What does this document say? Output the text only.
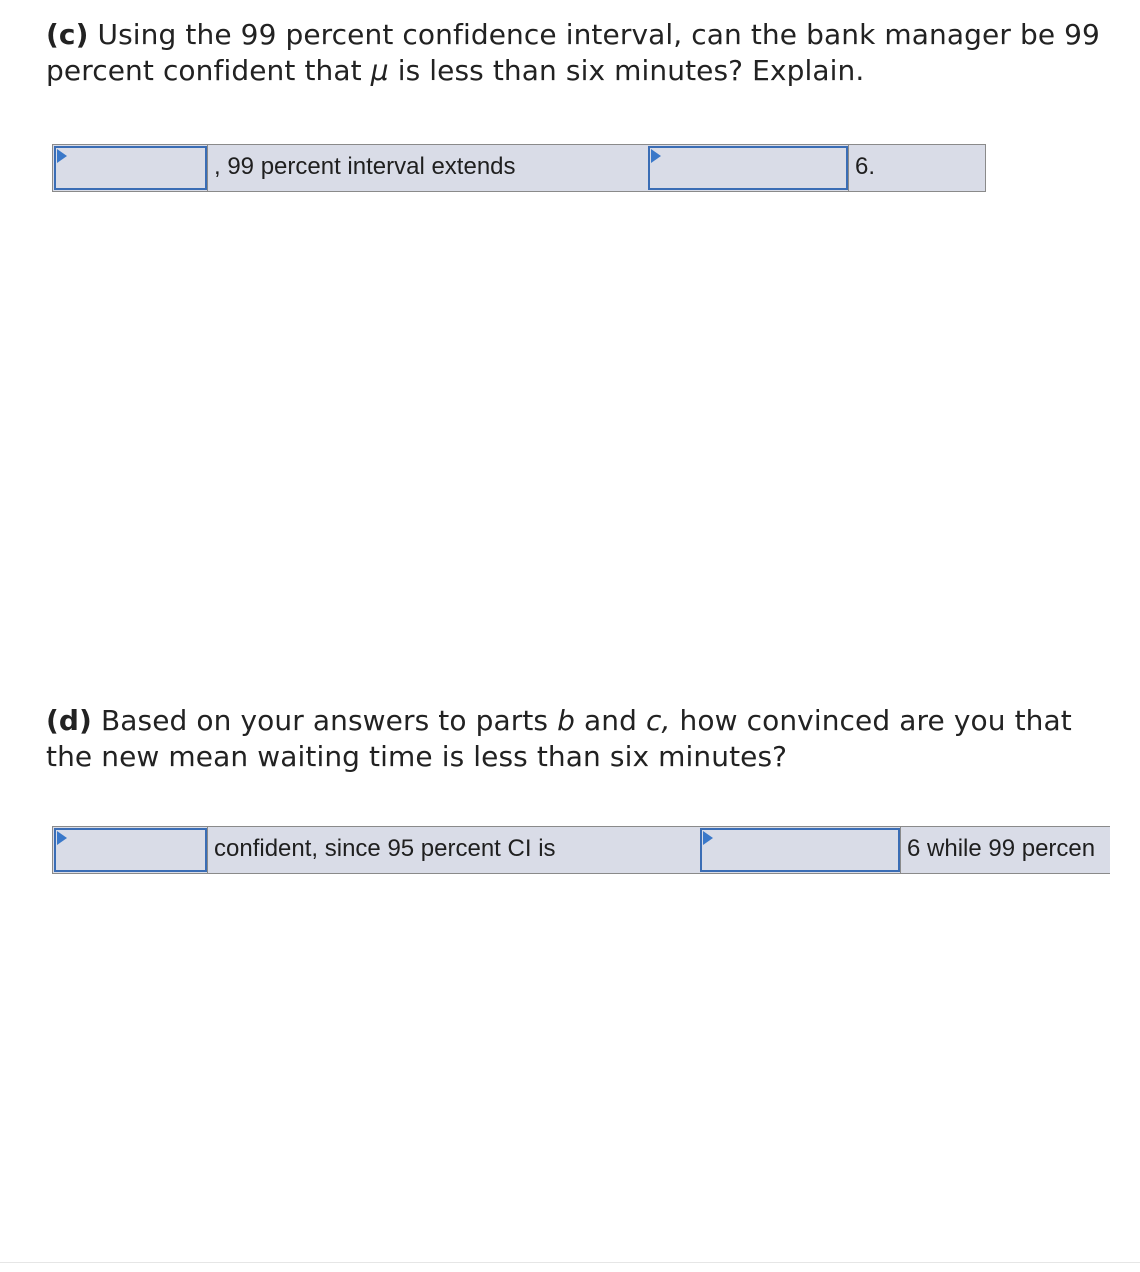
(c) Using the 99 percent confidence interval, can the bank manager be 99 percent confident that μ is less than six minutes? Explain.
, 99 percent interval extends	6.
(d) Based on your answers to parts b and c, how convinced are you that the new mean waiting time is less than six minutes?
confident, since 95 percent CI is	6 while 99 percen
